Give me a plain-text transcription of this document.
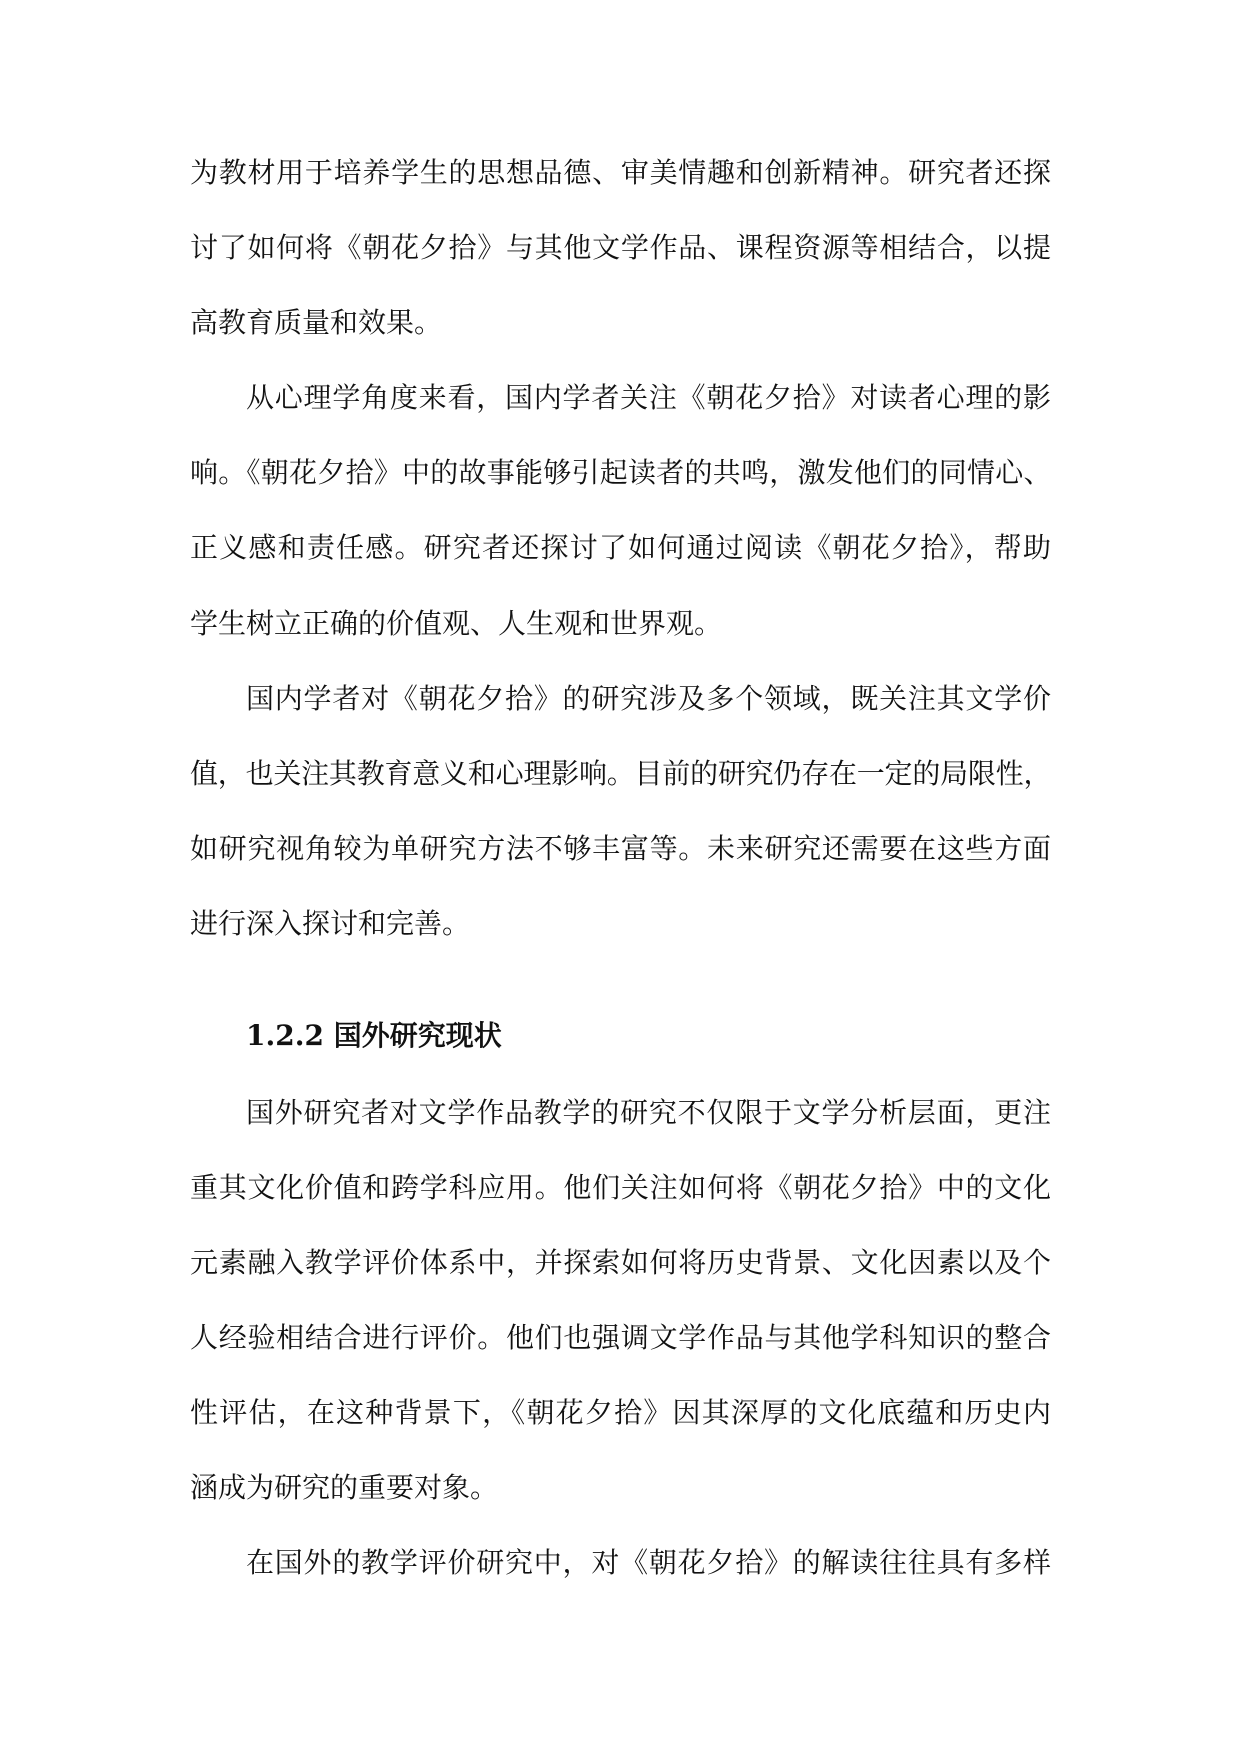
为教材用于培养学生的思想品德、审美情趣和创新精神。研究者还探
讨了如何将《朝花夕拾》与其他文学作品、课程资源等相结合，以提
高教育质量和效果。
从心理学角度来看，国内学者关注《朝花夕拾》对读者心理的影
响。《朝花夕拾》中的故事能够引起读者的共鸣，激发他们的同情心、
正义感和责任感。研究者还探讨了如何通过阅读《朝花夕拾》，帮助
学生树立正确的价值观、人生观和世界观。
国内学者对《朝花夕拾》的研究涉及多个领域，既关注其文学价
值，也关注其教育意义和心理影响。目前的研究仍存在一定的局限性，
如研究视角较为单研究方法不够丰富等。未来研究还需要在这些方面
进行深入探讨和完善。
1.2.2 国外研究现状
国外研究者对文学作品教学的研究不仅限于文学分析层面，更注
重其文化价值和跨学科应用。他们关注如何将《朝花夕拾》中的文化
元素融入教学评价体系中，并探索如何将历史背景、文化因素以及个
人经验相结合进行评价。他们也强调文学作品与其他学科知识的整合
性评估，在这种背景下，《朝花夕拾》因其深厚的文化底蕴和历史内
涵成为研究的重要对象。
在国外的教学评价研究中，对《朝花夕拾》的解读往往具有多样
